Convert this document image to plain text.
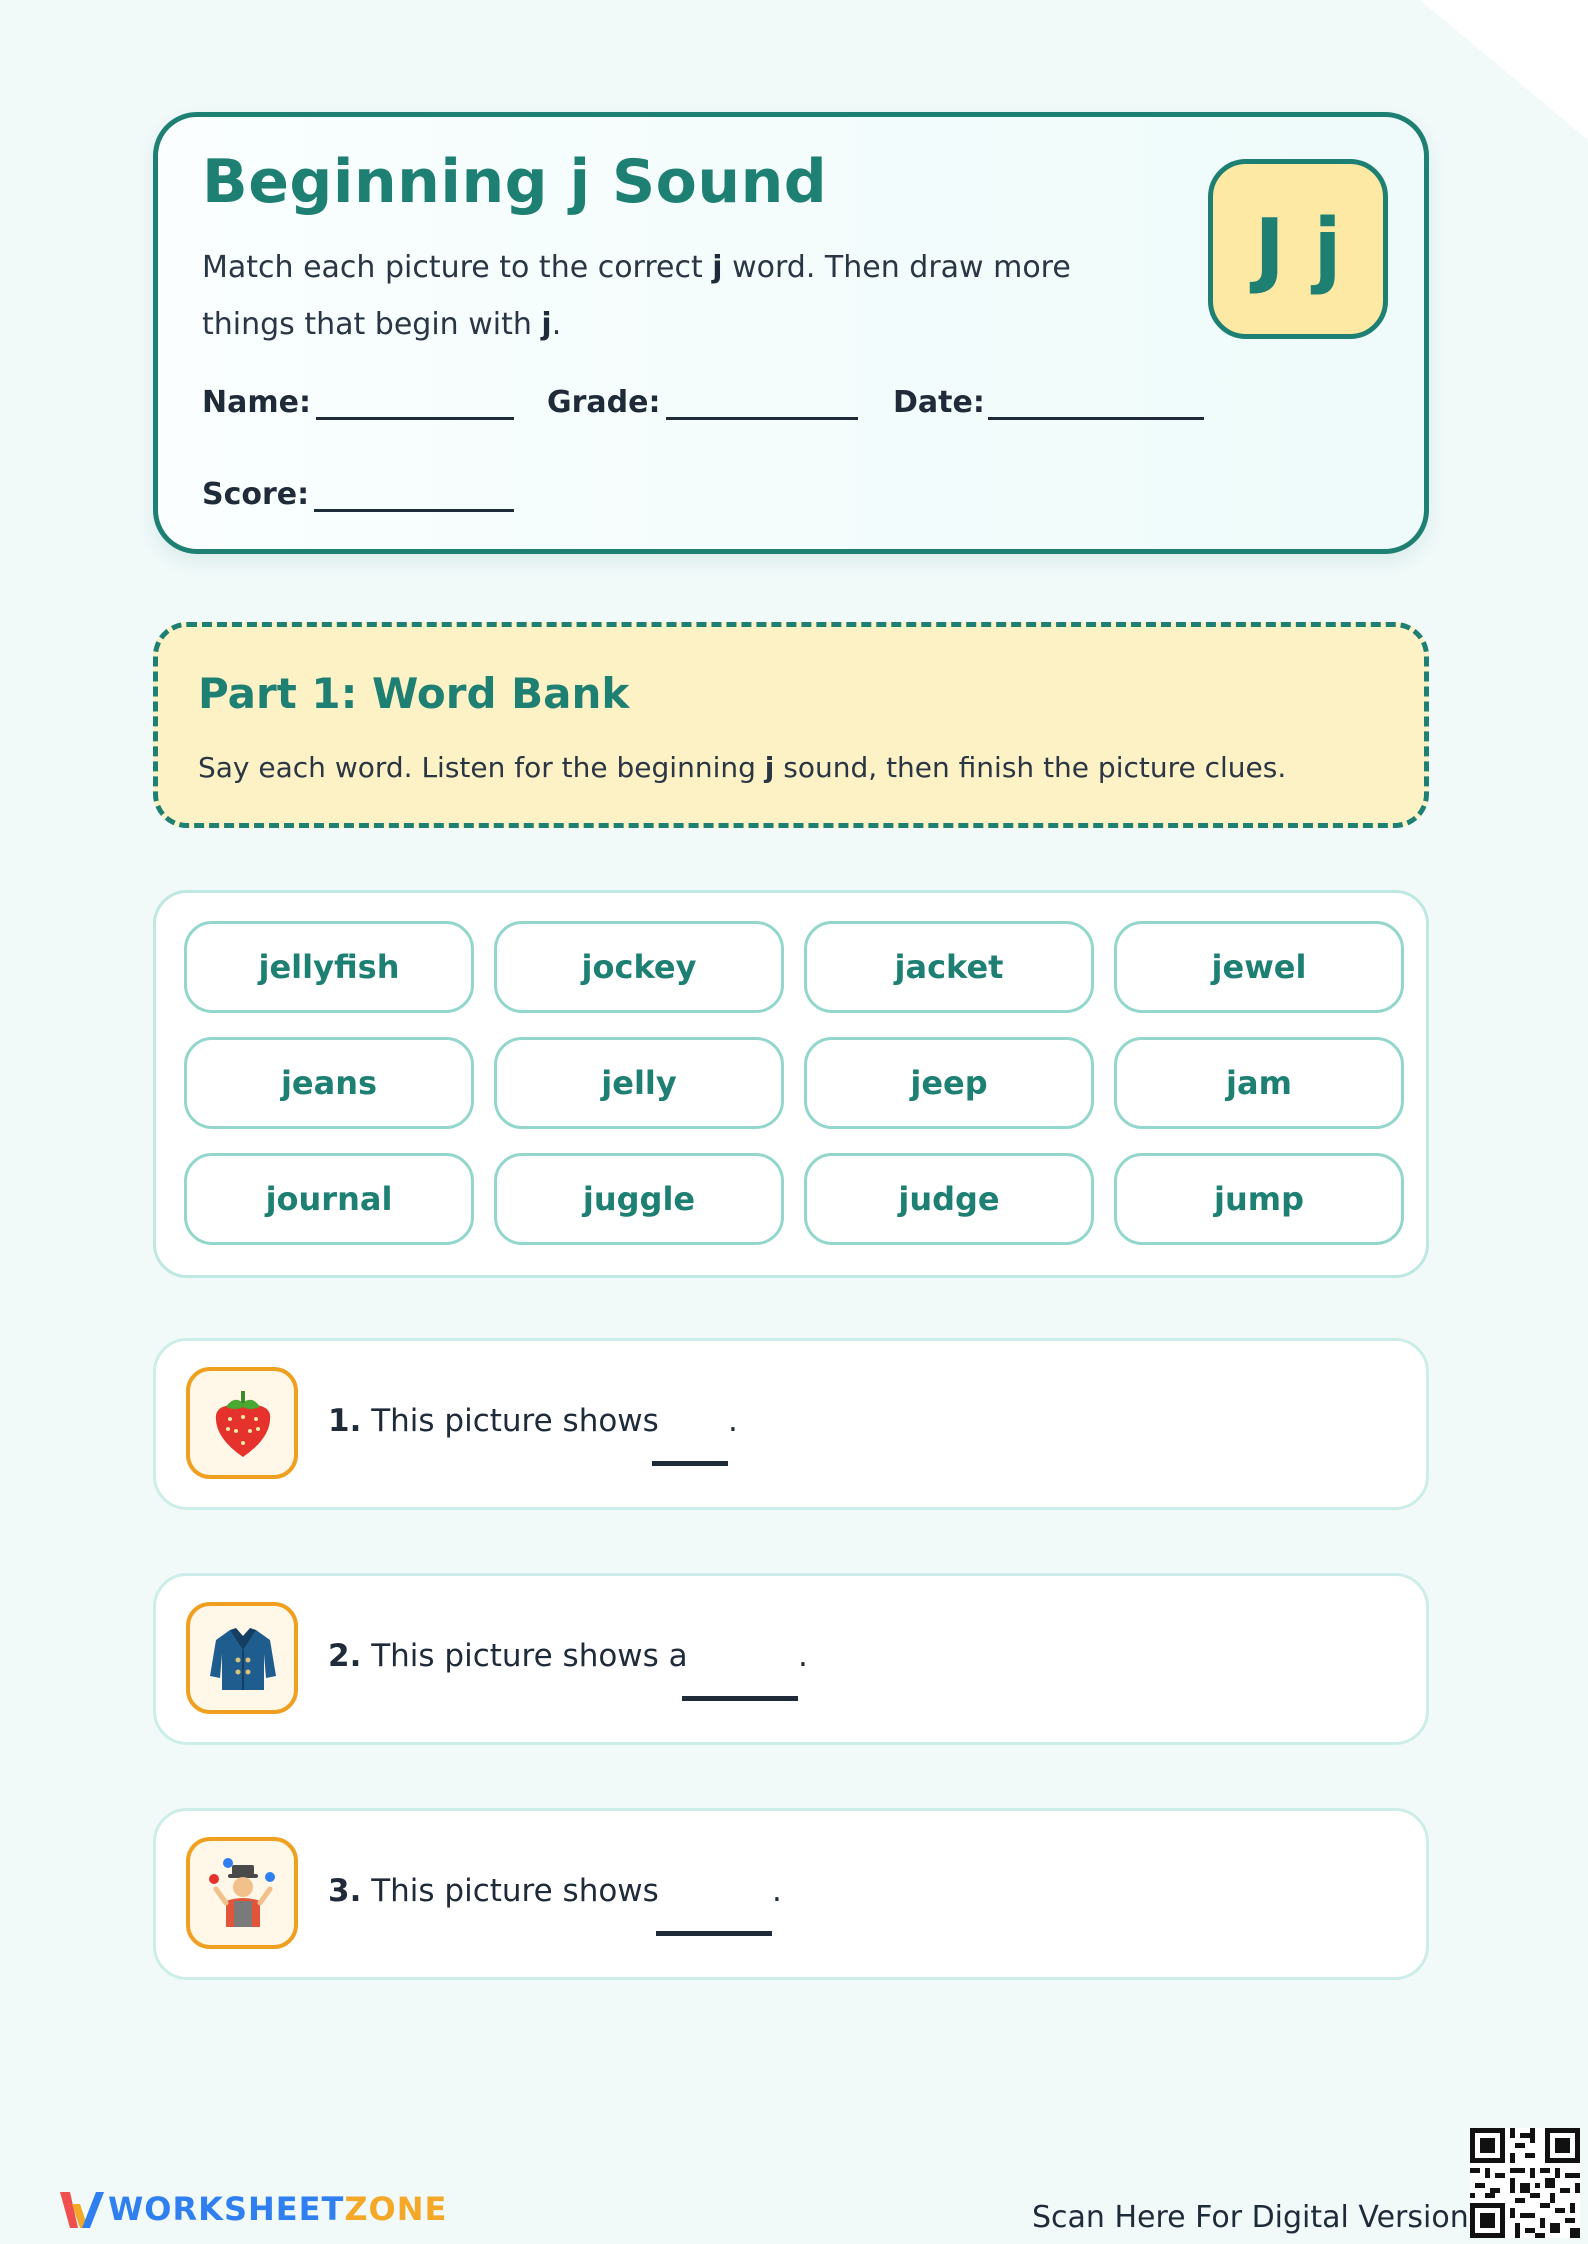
Beginning j Sound
Match each picture to the correct j word. Then draw more things that begin with j.
Name:	Grade:	Date:
Score:
J j
Part 1: Word Bank
Say each word. Listen for the beginning j sound, then finish the picture clues.
jellyfish	jockey	jacket	jewel
jeans	jelly	jeep	jam
journal	juggle	judge	jump
1. This picture shows .
2. This picture shows a	.
3. This picture shows	.
WORKSHEETZONE	Scan Here For Digital Version
